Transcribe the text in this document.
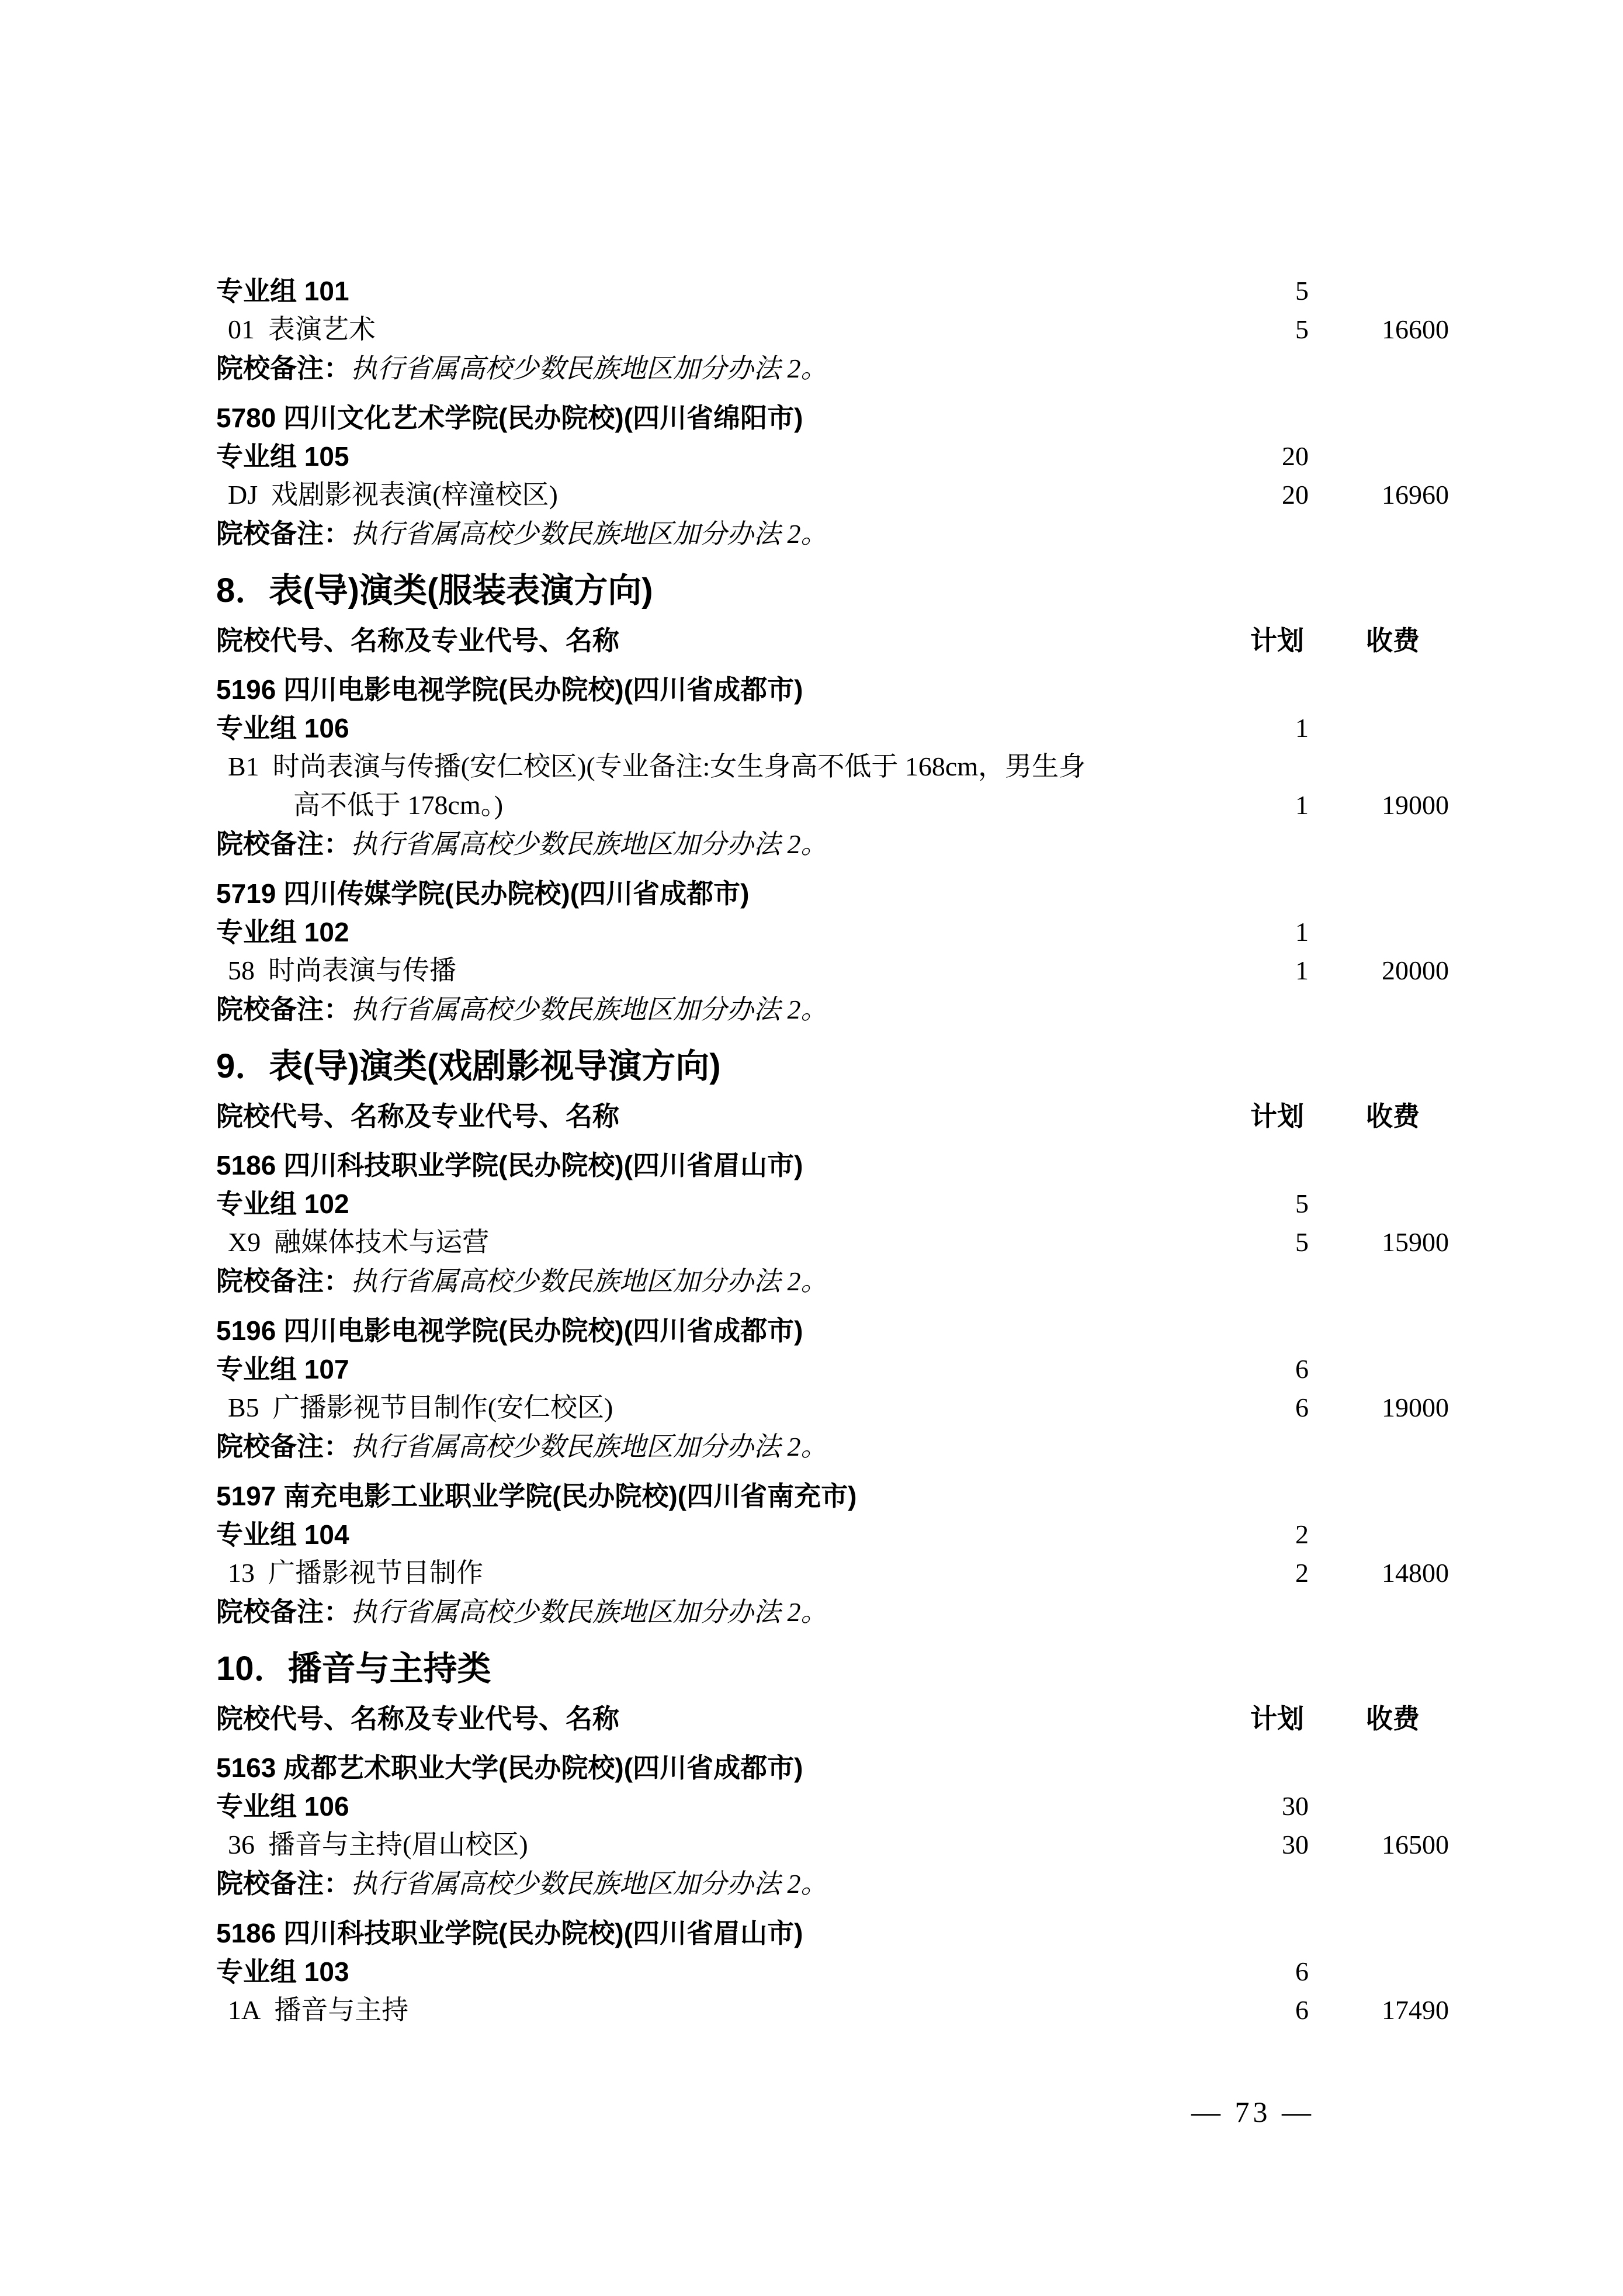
专业组 101	5
01 表演艺术	5	16600
院校备注：执行省属高校少数民族地区加分办法 2。
5780 四川文化艺术学院(民办院校)(四川省绵阳市)
专业组 105	20
DJ 戏剧影视表演(梓潼校区)	20	16960
院校备注：执行省属高校少数民族地区加分办法 2。
8．表(导)演类(服装表演方向)
院校代号、名称及专业代号、名称	计划	收费
5196 四川电影电视学院(民办院校)(四川省成都市)
专业组 106	1
B1 时尚表演与传播(安仁校区)(专业备注:女生身高不低于 168cm，男生身
高不低于 178cm。)	1	19000
院校备注：执行省属高校少数民族地区加分办法 2。
5719 四川传媒学院(民办院校)(四川省成都市)
专业组 102	1
58 时尚表演与传播	1	20000
院校备注：执行省属高校少数民族地区加分办法 2。
9．表(导)演类(戏剧影视导演方向)
院校代号、名称及专业代号、名称	计划	收费
5186 四川科技职业学院(民办院校)(四川省眉山市)
专业组 102	5
X9 融媒体技术与运营	5	15900
院校备注：执行省属高校少数民族地区加分办法 2。
5196 四川电影电视学院(民办院校)(四川省成都市)
专业组 107	6
B5 广播影视节目制作(安仁校区)	6	19000
院校备注：执行省属高校少数民族地区加分办法 2。
5197 南充电影工业职业学院(民办院校)(四川省南充市)
专业组 104	2
13 广播影视节目制作	2	14800
院校备注：执行省属高校少数民族地区加分办法 2。
10．播音与主持类
院校代号、名称及专业代号、名称	计划	收费
5163 成都艺术职业大学(民办院校)(四川省成都市)
专业组 106	30
36 播音与主持(眉山校区)	30	16500
院校备注：执行省属高校少数民族地区加分办法 2。
5186 四川科技职业学院(民办院校)(四川省眉山市)
专业组 103	6
1A 播音与主持	6	17490
— 73 —
